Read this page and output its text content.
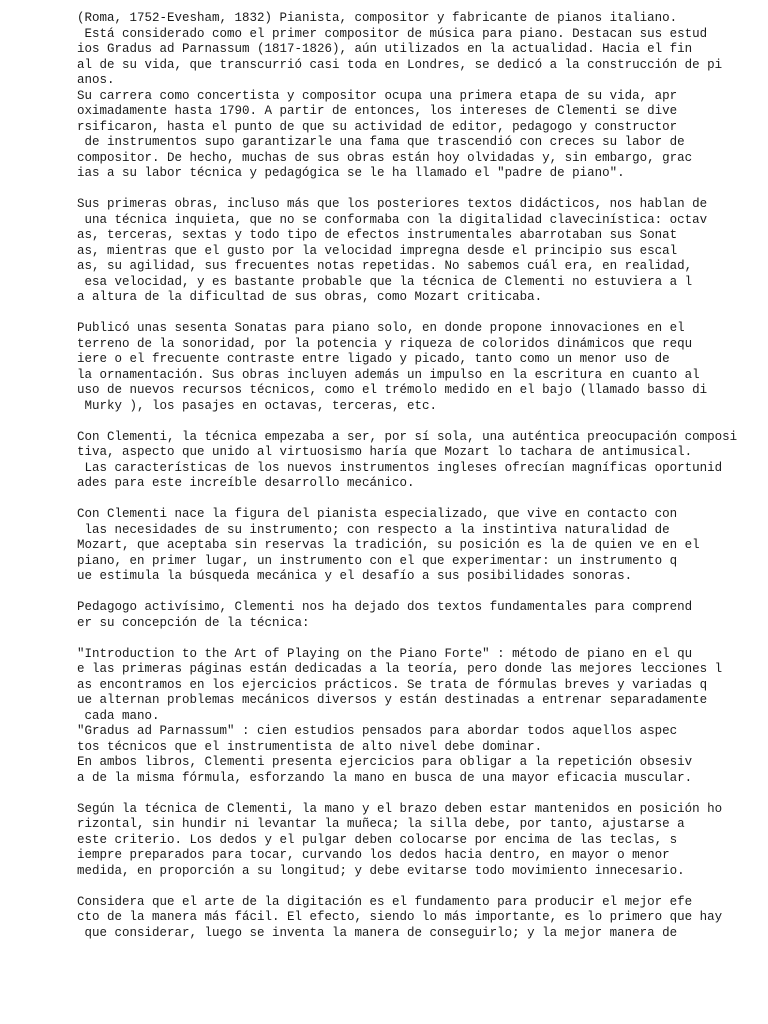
(Roma, 1752-Evesham, 1832) Pianista, compositor y fabricante de pianos italiano.
Está considerado como el primer compositor de música para piano. Destacan sus estud
ios Gradus ad Parnassum (1817-1826), aún utilizados en la actualidad. Hacia el fin
al de su vida, que transcurrió casi toda en Londres, se dedicó a la construcción de pi
anos.
Su carrera como concertista y compositor ocupa una primera etapa de su vida, apr
oximadamente hasta 1790. A partir de entonces, los intereses de Clementi se dive
rsificaron, hasta el punto de que su actividad de editor, pedagogo y constructor
de instrumentos supo garantizarle una fama que trascendió con creces su labor de
compositor. De hecho, muchas de sus obras están hoy olvidadas y, sin embargo, grac
ias a su labor técnica y pedagógica se le ha llamado el "padre de piano".

Sus primeras obras, incluso más que los posteriores textos didácticos, nos hablan de
una técnica inquieta, que no se conformaba con la digitalidad clavecinística: octav
as, terceras, sextas y todo tipo de efectos instrumentales abarrotaban sus Sonat
as, mientras que el gusto por la velocidad impregna desde el principio sus escal
as, su agilidad, sus frecuentes notas repetidas. No sabemos cuál era, en realidad,
esa velocidad, y es bastante probable que la técnica de Clementi no estuviera a l
a altura de la dificultad de sus obras, como Mozart criticaba.

Publicó unas sesenta Sonatas para piano solo, en donde propone innovaciones en el
terreno de la sonoridad, por la potencia y riqueza de coloridos dinámicos que requ
iere o el frecuente contraste entre ligado y picado, tanto como un menor uso de
la ornamentación. Sus obras incluyen además un impulso en la escritura en cuanto al
uso de nuevos recursos técnicos, como el trémolo medido en el bajo (llamado basso di
Murky ), los pasajes en octavas, terceras, etc.

Con Clementi, la técnica empezaba a ser, por sí sola, una auténtica preocupación composi
tiva, aspecto que unido al virtuosismo haría que Mozart lo tachara de antimusical.
Las características de los nuevos instrumentos ingleses ofrecían magníficas oportunid
ades para este increíble desarrollo mecánico.

Con Clementi nace la figura del pianista especializado, que vive en contacto con
las necesidades de su instrumento; con respecto a la instintiva naturalidad de
Mozart, que aceptaba sin reservas la tradición, su posición es la de quien ve en el
piano, en primer lugar, un instrumento con el que experimentar: un instrumento q
ue estimula la búsqueda mecánica y el desafío a sus posibilidades sonoras.

Pedagogo activísimo, Clementi nos ha dejado dos textos fundamentales para comprend
er su concepción de la técnica:

"Introduction to the Art of Playing on the Piano Forte" : método de piano en el qu
e las primeras páginas están dedicadas a la teoría, pero donde las mejores lecciones l
as encontramos en los ejercicios prácticos. Se trata de fórmulas breves y variadas q
ue alternan problemas mecánicos diversos y están destinadas a entrenar separadamente
cada mano.
"Gradus ad Parnassum" : cien estudios pensados para abordar todos aquellos aspec
tos técnicos que el instrumentista de alto nivel debe dominar.
En ambos libros, Clementi presenta ejercicios para obligar a la repetición obsesiv
a de la misma fórmula, esforzando la mano en busca de una mayor eficacia muscular.

Según la técnica de Clementi, la mano y el brazo deben estar mantenidos en posición ho
rizontal, sin hundir ni levantar la muñeca; la silla debe, por tanto, ajustarse a
este criterio. Los dedos y el pulgar deben colocarse por encima de las teclas, s
iempre preparados para tocar, curvando los dedos hacia dentro, en mayor o menor
medida, en proporción a su longitud; y debe evitarse todo movimiento innecesario.

Considera que el arte de la digitación es el fundamento para producir el mejor efe
cto de la manera más fácil. El efecto, siendo lo más importante, es lo primero que hay
que considerar, luego se inventa la manera de conseguirlo; y la mejor manera de
